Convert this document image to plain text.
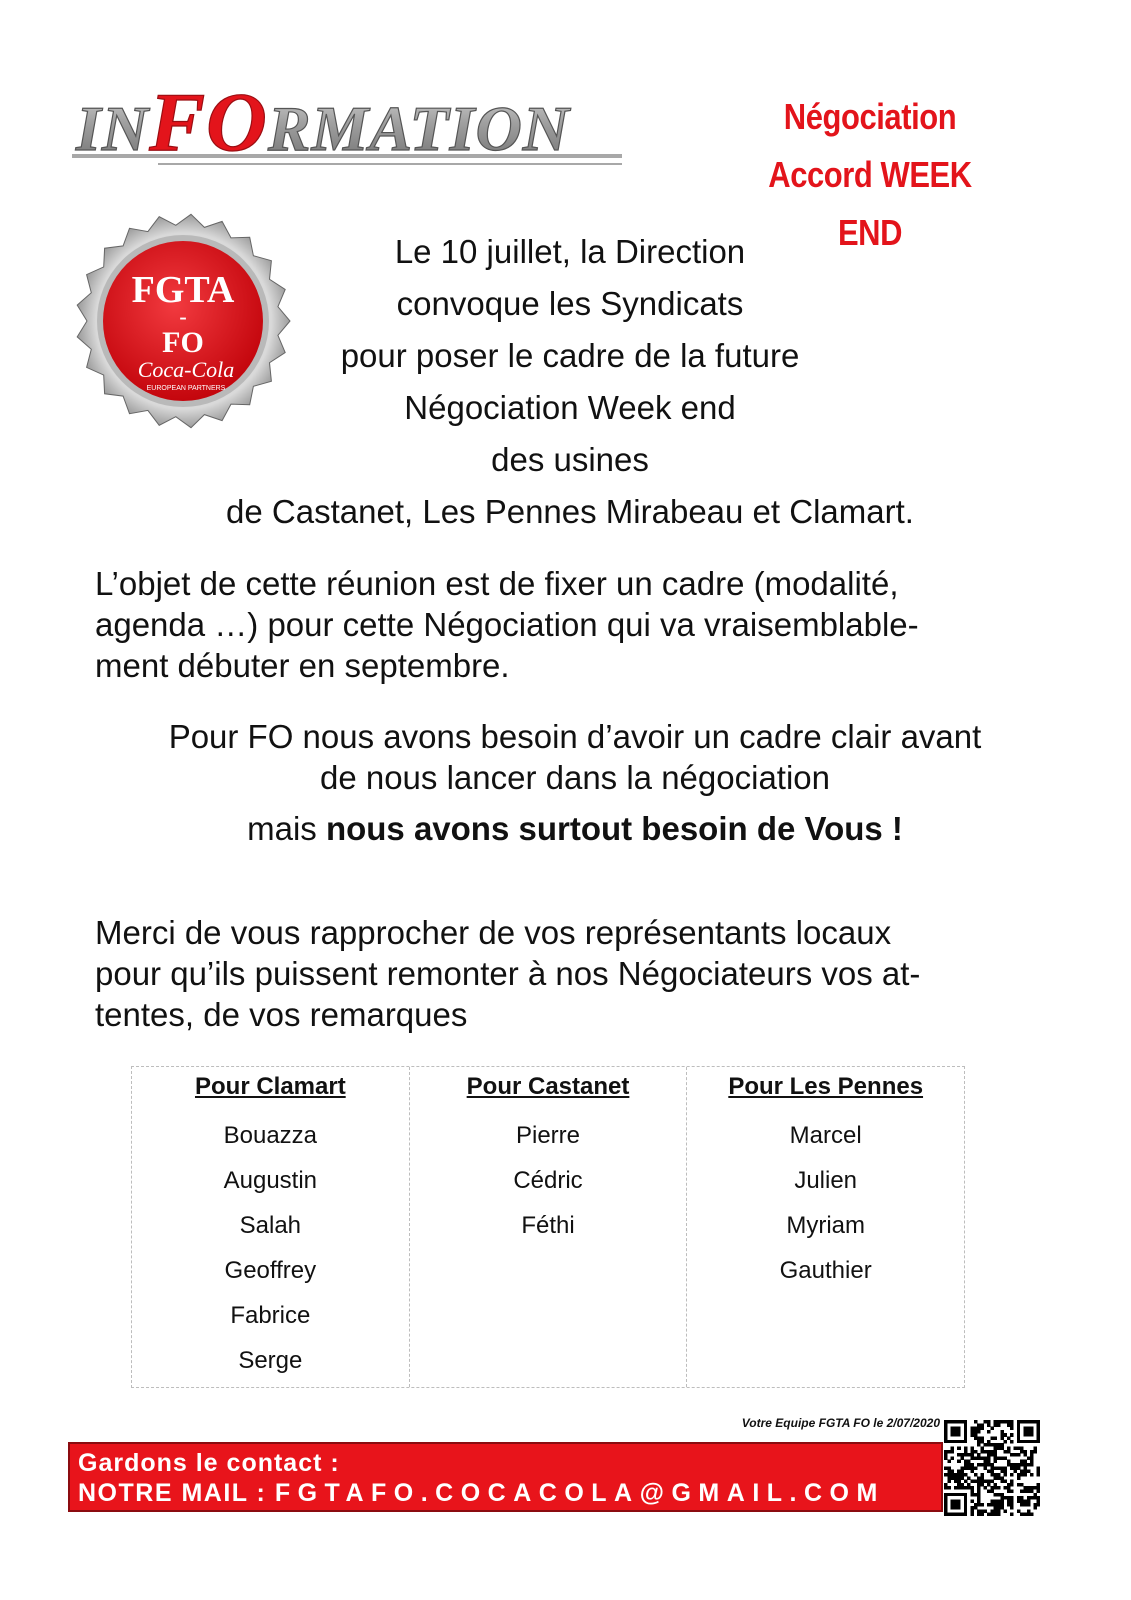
INFORMATION	Négociation
Accord WEEK END
FGTA
-
FO
Coca-Cola
EUROPEAN PARTNERS
Le 10 juillet, la Direction
convoque les Syndicats
pour poser le cadre de la future
Négociation Week end
des usines
de Castanet, Les Pennes Mirabeau et Clamart.
L’objet de cette réunion est de fixer un cadre (modalité,
agenda …) pour cette Négociation qui va vraisemblable-
ment débuter en septembre.
Pour FO nous avons besoin d’avoir un cadre clair avant
de nous lancer dans la négociation
mais nous avons surtout besoin de Vous !
Merci de vous rapprocher de vos représentants locaux
pour qu’ils puissent remonter à nos Négociateurs vos at-
tentes, de vos remarques
Pour Clamart
Bouazza
Augustin
Salah
Geoffrey
Fabrice
Serge
Pour Castanet
Pierre
Cédric
Féthi
Pour Les Pennes
Marcel
Julien
Myriam
Gauthier
Votre Equipe FGTA FO le 2/07/2020
Gardons le contact :
NOTRE MAIL : FGTAFO.COCACOLA@GMAIL.COM
